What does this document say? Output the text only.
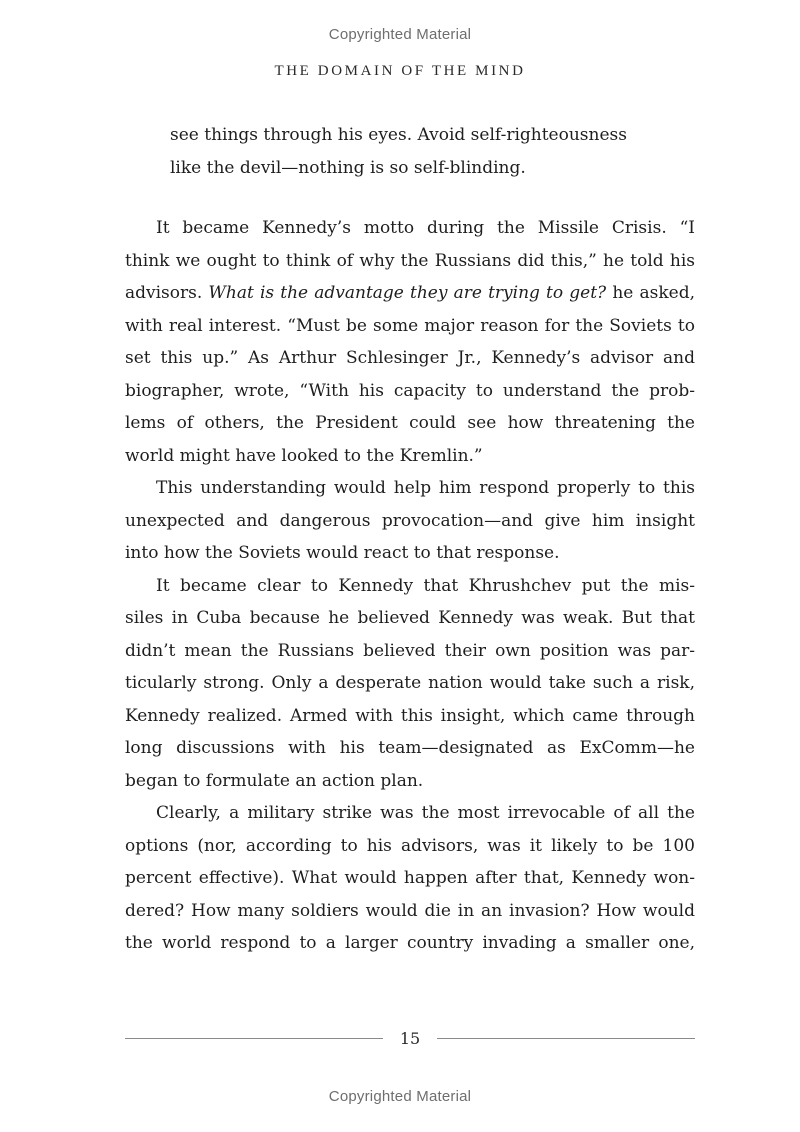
Copyrighted Material
THE DOMAIN OF THE MIND
see things through his eyes. Avoid self-righteousness
like the devil—nothing is so self-blinding.
It became Kennedy’s motto during the Missile Crisis. “I
think we ought to think of why the Russians did this,” he told his
advisors. What is the advantage they are trying to get? he asked,
with real interest. “Must be some major reason for the Soviets to
set this up.” As Arthur Schlesinger Jr., Kennedy’s advisor and
biographer, wrote, “With his capacity to understand the prob-
lems of others, the President could see how threatening the
world might have looked to the Kremlin.”
This understanding would help him respond properly to this
unexpected and dangerous provocation—and give him insight
into how the Soviets would react to that response.
It became clear to Kennedy that Khrushchev put the mis-
siles in Cuba because he believed Kennedy was weak. But that
didn’t mean the Russians believed their own position was par-
ticularly strong. Only a desperate nation would take such a risk,
Kennedy realized. Armed with this insight, which came through
long discussions with his team—designated as ExComm—he
began to formulate an action plan.
Clearly, a military strike was the most irrevocable of all the
options (nor, according to his advisors, was it likely to be 100
percent effective). What would happen after that, Kennedy won-
dered? How many soldiers would die in an invasion? How would
the world respond to a larger country invading a smaller one,
15
Copyrighted Material
